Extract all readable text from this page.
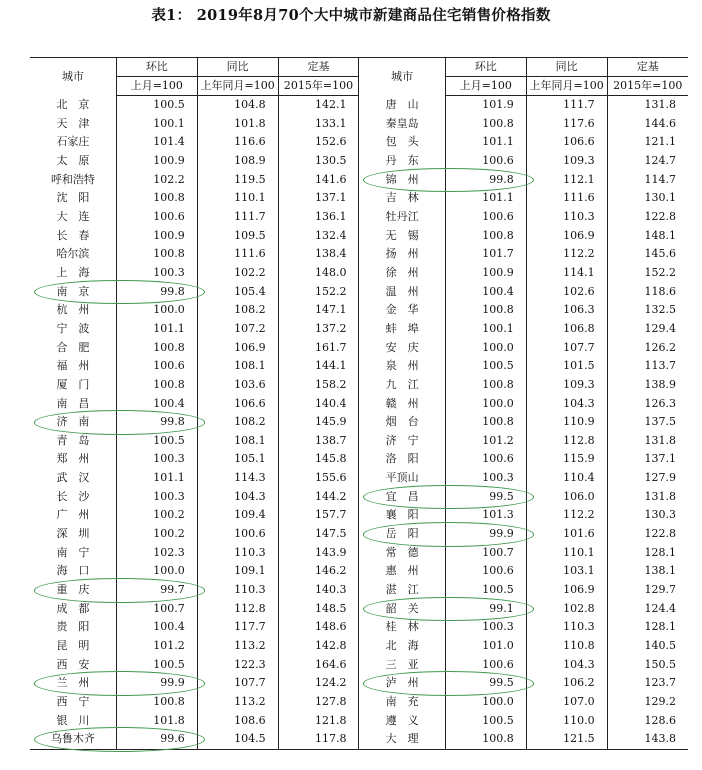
表1： 2019年8月70个大中城市新建商品住宅销售价格指数
城市	环比	同比	定基	城市	环比	同比	定基
	上月=100	上年同月=100	2015年=100		上月=100	上年同月=100	2015年=100
北　京	100.5	104.8	142.1	唐　山	101.9	111.7	131.8
天　津	100.1	101.8	133.1	秦皇岛	100.8	117.6	144.6
石家庄	101.4	116.6	152.6	包　头	101.1	106.6	121.1
太　原	100.9	108.9	130.5	丹　东	100.6	109.3	124.7
呼和浩特	102.2	119.5	141.6	锦　州	99.8	112.1	114.7
沈　阳	100.8	110.1	137.1	吉　林	101.1	111.6	130.1
大　连	100.6	111.7	136.1	牡丹江	100.6	110.3	122.8
长　春	100.9	109.5	132.4	无　锡	100.8	106.9	148.1
哈尔滨	100.8	111.6	138.4	扬　州	101.7	112.2	145.6
上　海	100.3	102.2	148.0	徐　州	100.9	114.1	152.2
南　京	99.8	105.4	152.2	温　州	100.4	102.6	118.6
杭　州	100.0	108.2	147.1	金　华	100.8	106.3	132.5
宁　波	101.1	107.2	137.2	蚌　埠	100.1	106.8	129.4
合　肥	100.8	106.9	161.7	安　庆	100.0	107.7	126.2
福　州	100.6	108.1	144.1	泉　州	100.5	101.5	113.7
厦　门	100.8	103.6	158.2	九　江	100.8	109.3	138.9
南　昌	100.4	106.6	140.4	赣　州	100.0	104.3	126.3
济　南	99.8	108.2	145.9	烟　台	100.8	110.9	137.5
青　岛	100.5	108.1	138.7	济　宁	101.2	112.8	131.8
郑　州	100.3	105.1	145.8	洛　阳	100.6	115.9	137.1
武　汉	101.1	114.3	155.6	平顶山	100.3	110.4	127.9
长　沙	100.3	104.3	144.2	宜　昌	99.5	106.0	131.8
广　州	100.2	109.4	157.7	襄　阳	101.3	112.2	130.3
深　圳	100.2	100.6	147.5	岳　阳	99.9	101.6	122.8
南　宁	102.3	110.3	143.9	常　德	100.7	110.1	128.1
海　口	100.0	109.1	146.2	惠　州	100.6	103.1	138.1
重　庆	99.7	110.3	140.3	湛　江	100.5	106.9	129.7
成　都	100.7	112.8	148.5	韶　关	99.1	102.8	124.4
贵　阳	100.4	117.7	148.6	桂　林	100.3	110.3	128.1
昆　明	101.2	113.2	142.8	北　海	101.0	110.8	140.5
西　安	100.5	122.3	164.6	三　亚	100.6	104.3	150.5
兰　州	99.9	107.7	124.2	泸　州	99.5	106.2	123.7
西　宁	100.8	113.2	127.8	南　充	100.0	107.0	129.2
银　川	101.8	108.6	121.8	遵　义	100.5	110.0	128.6
乌鲁木齐	99.6	104.5	117.8	大　理	100.8	121.5	143.8
